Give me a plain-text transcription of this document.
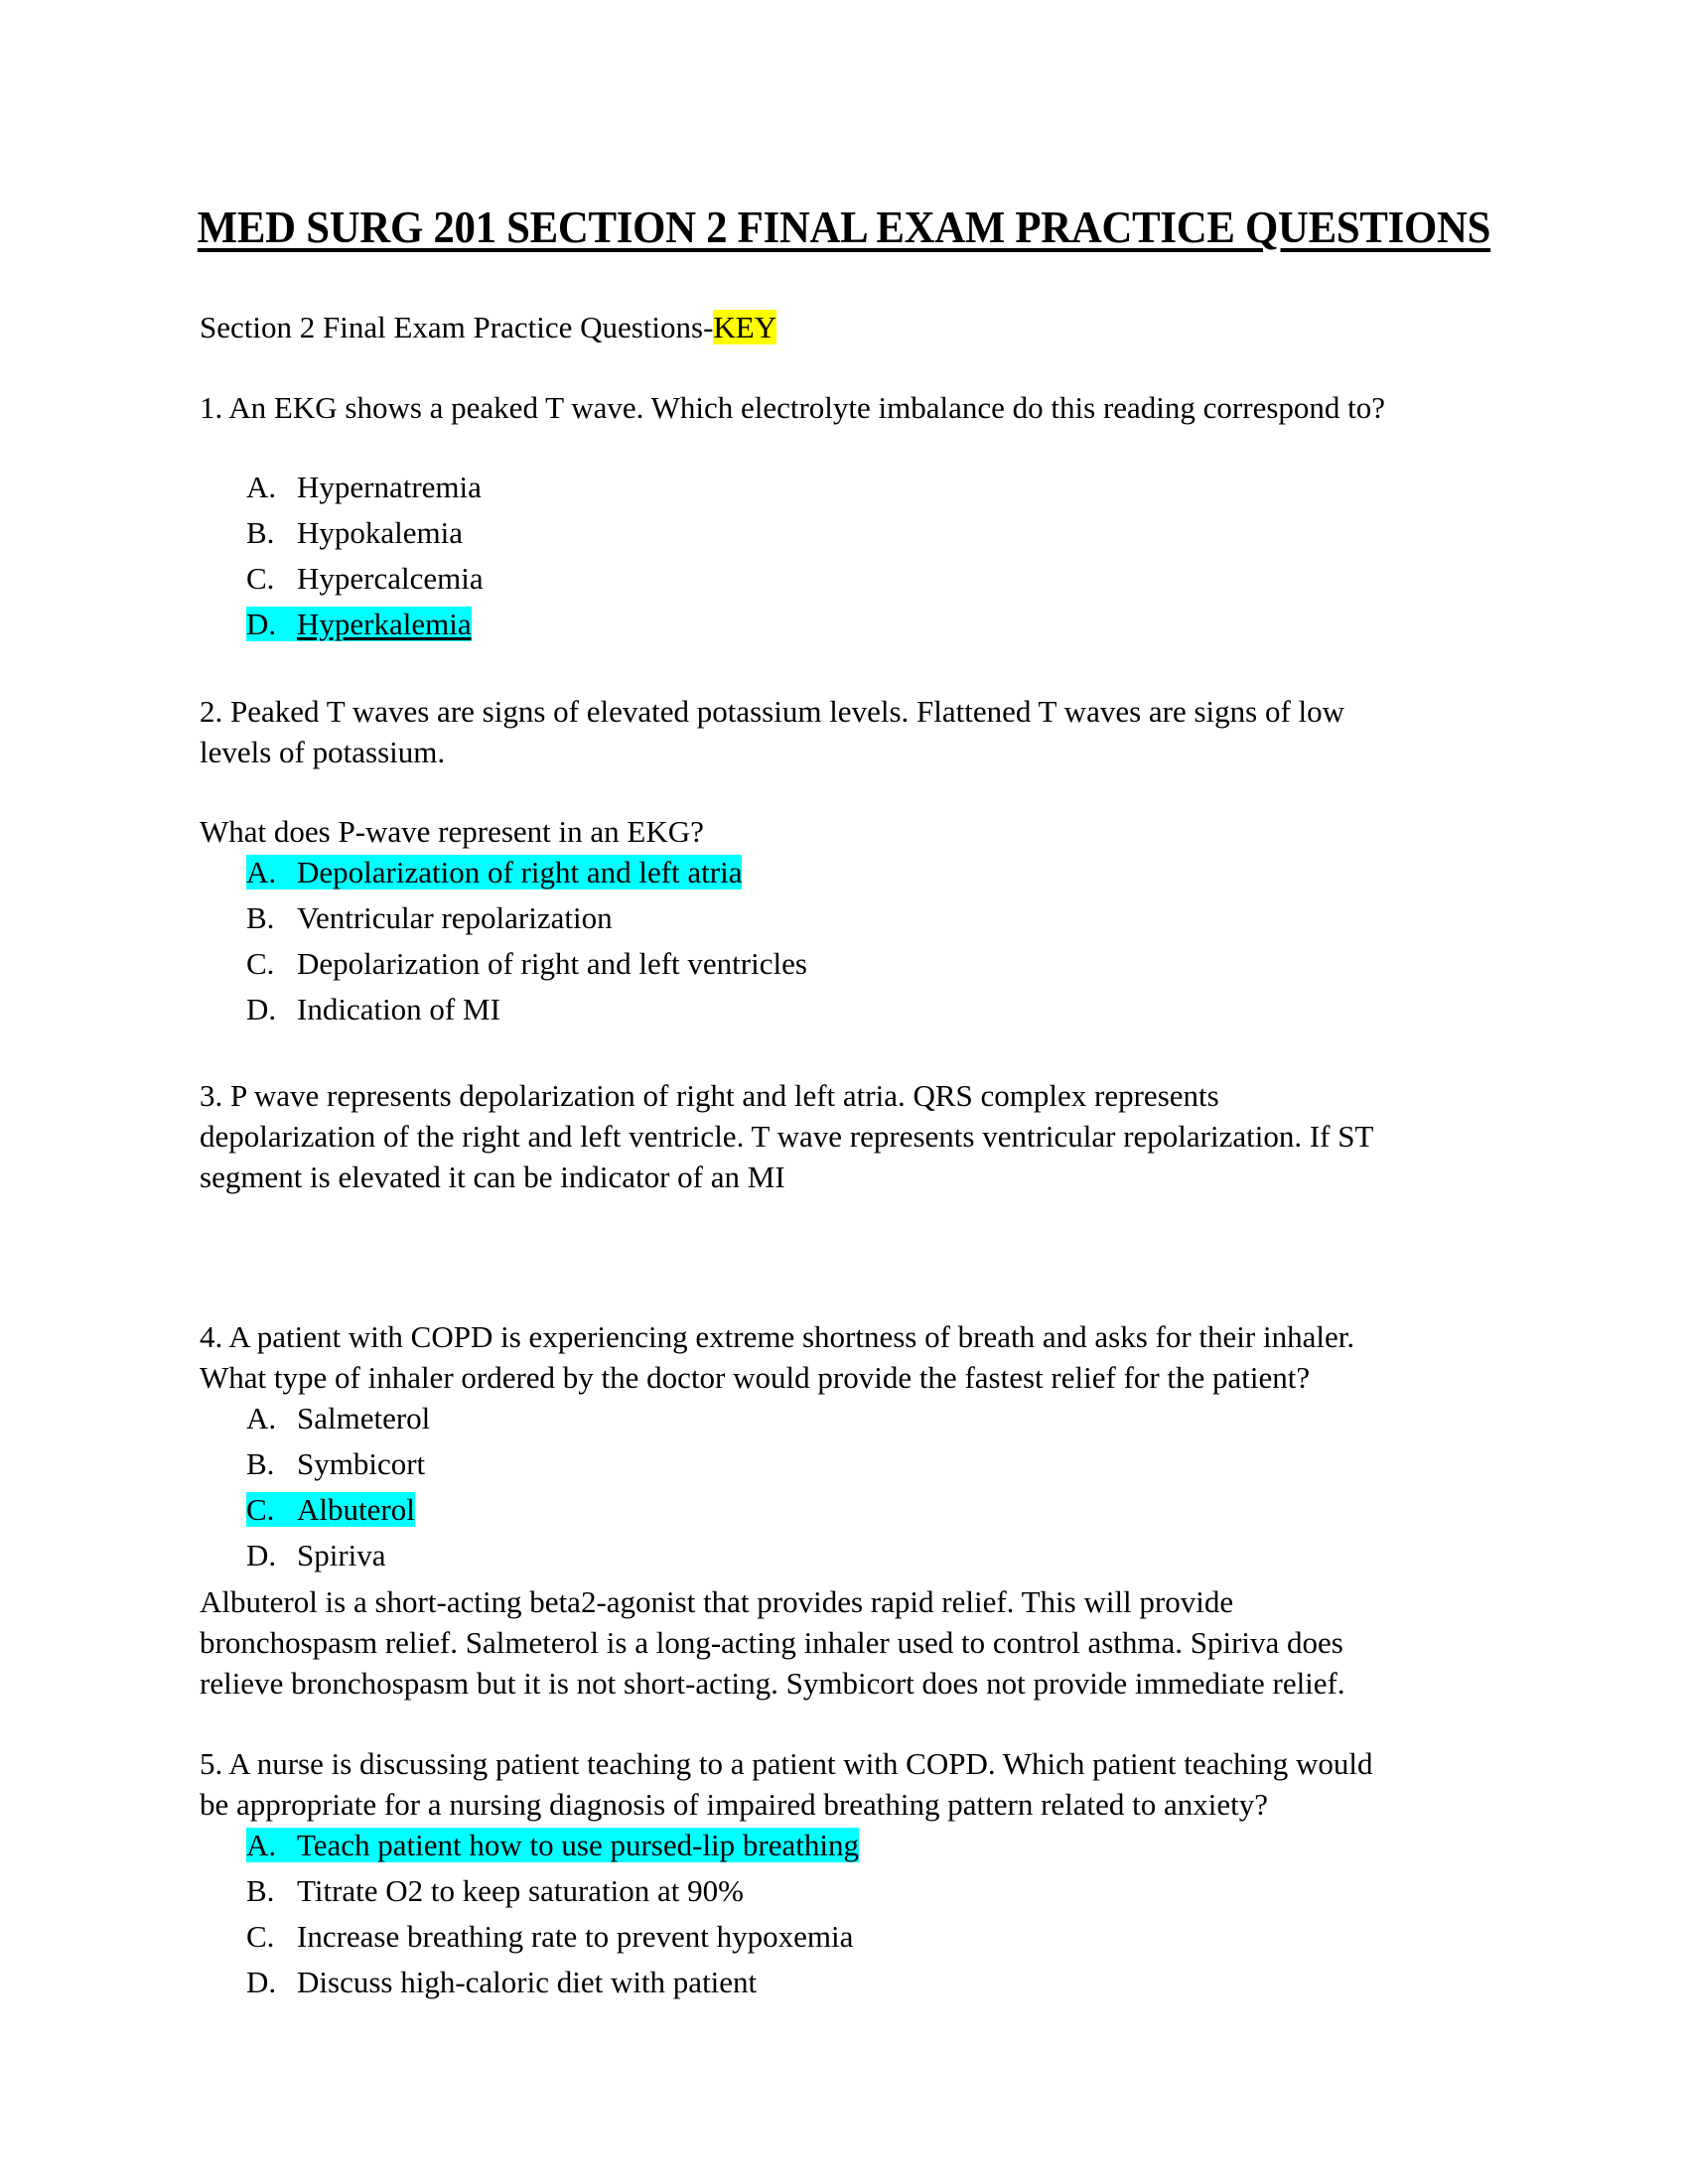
MED SURG 201 SECTION 2 FINAL EXAM PRACTICE QUESTIONS
Section 2 Final Exam Practice Questions-KEY
1. An EKG shows a peaked T wave. Which electrolyte imbalance do this reading correspond to?
A. Hypernatremia
B. Hypokalemia
C. Hypercalcemia
D. Hyperkalemia
2. Peaked T waves are signs of elevated potassium levels. Flattened T waves are signs of low
levels of potassium.
What does P-wave represent in an EKG?
A. Depolarization of right and left atria
B. Ventricular repolarization
C. Depolarization of right and left ventricles
D. Indication of MI
3. P wave represents depolarization of right and left atria. QRS complex represents
depolarization of the right and left ventricle. T wave represents ventricular repolarization. If ST
segment is elevated it can be indicator of an MI
4. A patient with COPD is experiencing extreme shortness of breath and asks for their inhaler.
What type of inhaler ordered by the doctor would provide the fastest relief for the patient?
A. Salmeterol
B. Symbicort
C. Albuterol
D. Spiriva
Albuterol is a short-acting beta2-agonist that provides rapid relief. This will provide
bronchospasm relief. Salmeterol is a long-acting inhaler used to control asthma. Spiriva does
relieve bronchospasm but it is not short-acting. Symbicort does not provide immediate relief.
5. A nurse is discussing patient teaching to a patient with COPD. Which patient teaching would
be appropriate for a nursing diagnosis of impaired breathing pattern related to anxiety?
A. Teach patient how to use pursed-lip breathing
B. Titrate O2 to keep saturation at 90%
C. Increase breathing rate to prevent hypoxemia
D. Discuss high-caloric diet with patient
